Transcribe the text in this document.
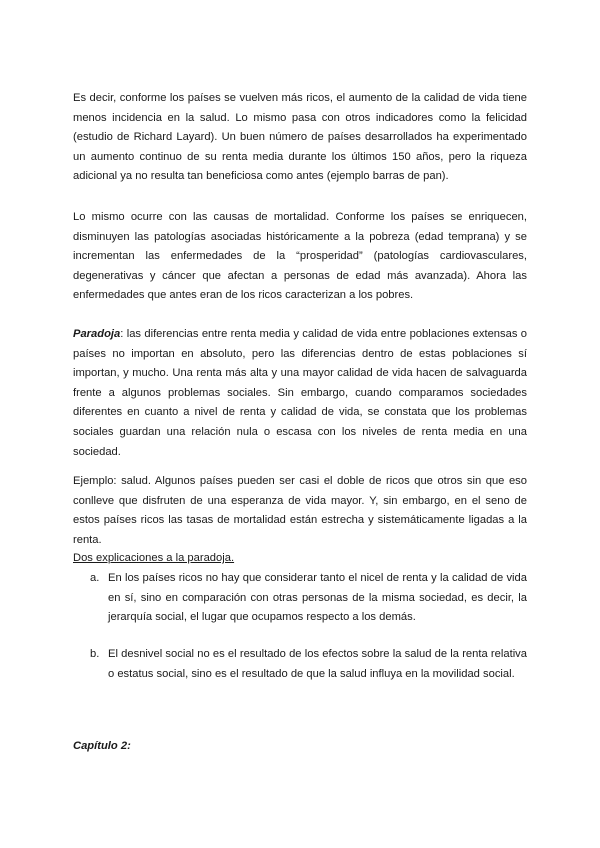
Es decir, conforme los países se vuelven más ricos, el aumento de la calidad de vida tiene menos incidencia en la salud. Lo mismo pasa con otros indicadores como la felicidad (estudio de Richard Layard). Un buen número de países desarrollados ha experimentado un aumento continuo de su renta media durante los últimos 150 años, pero la riqueza adicional ya no resulta tan beneficiosa como antes (ejemplo barras de pan).

Lo mismo ocurre con las causas de mortalidad. Conforme los países se enriquecen, disminuyen las patologías asociadas históricamente a la pobreza (edad temprana) y se incrementan las enfermedades de la “prosperidad” (patologías cardiovasculares, degenerativas y cáncer que afectan a personas de edad más avanzada). Ahora las enfermedades que antes eran de los ricos caracterizan a los pobres.

Paradoja: las diferencias entre renta media y calidad de vida entre poblaciones extensas o países no importan en absoluto, pero las diferencias dentro de estas poblaciones sí importan, y mucho. Una renta más alta y una mayor calidad de vida hacen de salvaguarda frente a algunos problemas sociales. Sin embargo, cuando comparamos sociedades diferentes en cuanto a nivel de renta y calidad de vida, se constata que los problemas sociales guardan una relación nula o escasa con los niveles de renta media en una sociedad.

Ejemplo: salud. Algunos países pueden ser casi el doble de ricos que otros sin que eso conlleve que disfruten de una esperanza de vida mayor. Y, sin embargo, en el seno de estos países ricos las tasas de mortalidad están estrecha y sistemáticamente ligadas a la renta.

Dos explicaciones a la paradoja.
a. En los países ricos no hay que considerar tanto el nicel de renta y la calidad de vida en sí, sino en comparación con otras personas de la misma sociedad, es decir, la jerarquía social, el lugar que ocupamos respecto a los demás.
b. El desnivel social no es el resultado de los efectos sobre la salud de la renta relativa o estatus social, sino es el resultado de que la salud influya en la movilidad social.
Capítulo 2:
